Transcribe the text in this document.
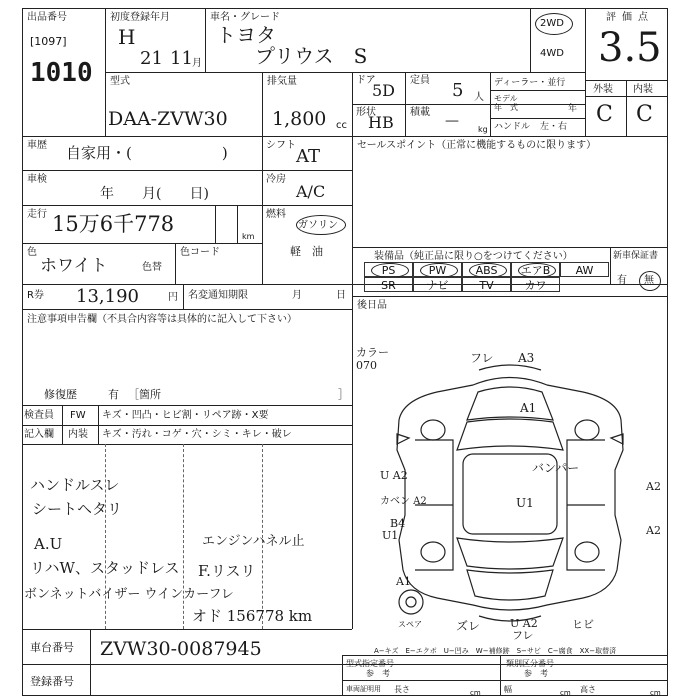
出品番号
[1097]
1010
初度登録年月
H
21 11 月
車名・グレード
トヨタ
プリウス　S
2WD
4WD
評価点
3.5
型式
DAA-ZVW30
排気量
1,800 cc
ドア
5D
定員 5 人
形状
HB
積載
—
kg
ディーラー・並行
モデル
年　式	年
ハンドル 左・右
外装 内装
C C
車歴 自家用・(　　　　　　)	シフト
AT
セールスポイント（正常に機能するものに限ります）
車検
年　　月(　　日)
冷房
A/C
走行 15万6千778
km
燃料
ガソリン
軽　油
色
ホワイト	色替
色コード	装備品（純正品に限り○をつけてください）	新車保証書
有 無
PS	PW	ABS	エアB	AW
SR	ナビ	TV	カワ
後日品
R券 13,190	円 名変通知期限	月	日
注意事項申告欄（不具合内容等は具体的に記入して下さい）
修復歴	有 ［箇所	］
検査員
記入欄
FW キズ・凹凸・ヒビ割・リペア跡・X要
内装 キズ・汚れ・コゲ・穴・シミ・キレ・破レ
ハンドルスレ
シートヘタリ
A.U
リハW、スタッドレス
ボンネットバイザー ウインカーフレ
エンジンハネル止
F.リスリ
オド 156778 km
カラー
070
スペア
フレ A3
A1
バンパー
U1
U A2
A2
A2
カベン A2
B4
U1
A1
ズレ	U A2
フレ
ヒビ
A−キズ　E−エクボ　U−凹み　W−補修跡　S−サビ　C−腐食　XX−取替済
車台番号 ZVW30-0087945
登録番号
型式指定番号
参　考
類別区分番号
参　考
車両証明用 長さ	cm	幅	cm 高さ	cm
